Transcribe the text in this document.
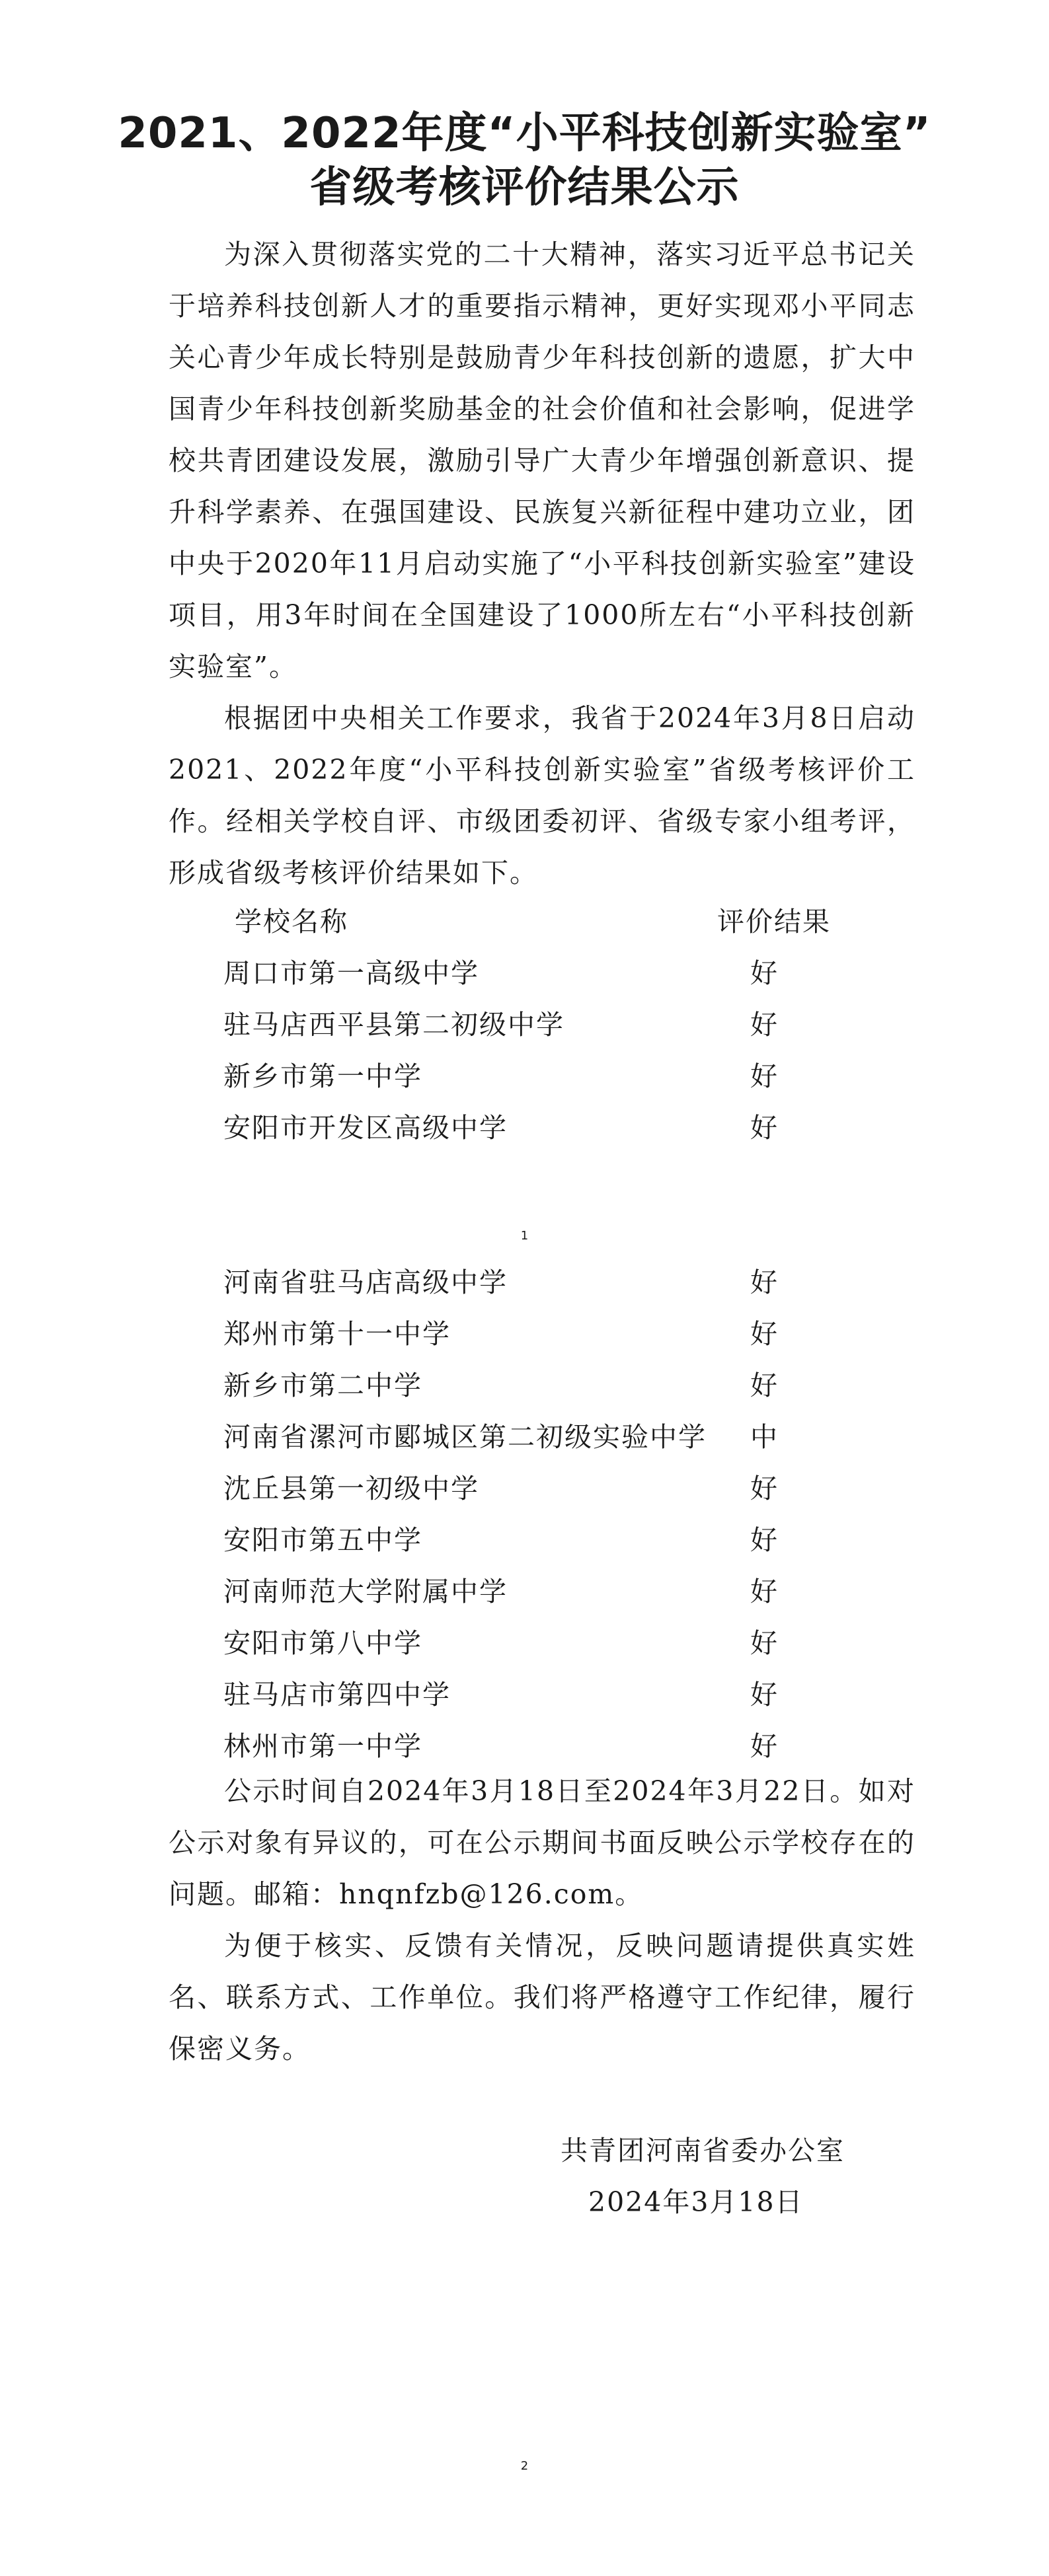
2021、2022年度“小平科技创新实验室”
省级考核评价结果公示

为深入贯彻落实党的二十大精神，落实习近平总书记关于培养科技创新人才的重要指示精神，更好实现邓小平同志关心青少年成长特别是鼓励青少年科技创新的遗愿，扩大中国青少年科技创新奖励基金的社会价值和社会影响，促进学校共青团建设发展，激励引导广大青少年增强创新意识、提升科学素养、在强国建设、民族复兴新征程中建功立业，团中央于2020年11月启动实施了“小平科技创新实验室”建设项目，用3年时间在全国建设了1000所左右“小平科技创新实验室”。

根据团中央相关工作要求，我省于2024年3月8日启动2021、2022年度“小平科技创新实验室”省级考核评价工作。经相关学校自评、市级团委初评、省级专家小组考评，形成省级考核评价结果如下。

学校名称	评价结果
周口市第一高级中学	好
驻马店西平县第二初级中学	好
新乡市第一中学	好
安阳市开发区高级中学	好
1
河南省驻马店高级中学	好
郑州市第十一中学	好
新乡市第二中学	好
河南省漯河市郾城区第二初级实验中学 中
沈丘县第一初级中学	好
安阳市第五中学	好
河南师范大学附属中学	好
安阳市第八中学	好
驻马店市第四中学	好
林州市第一中学	好

公示时间自2024年3月18日至2024年3月22日。如对公示对象有异议的，可在公示期间书面反映公示学校存在的问题。邮箱：hnqnfzb@126.com。

为便于核实、反馈有关情况，反映问题请提供真实姓名、联系方式、工作单位。我们将严格遵守工作纪律，履行保密义务。

共青团河南省委办公室
2024年3月18日
2
